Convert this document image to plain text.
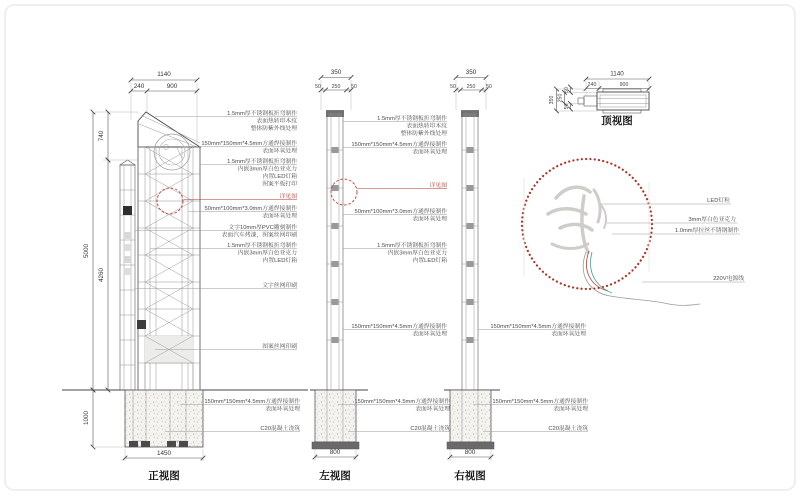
1140
240	900
740
5000
4260
1000
1450
正视图
1.5mm厚不锈钢板折弯制作
表面热转印木纹
整体防紫外线处理
150mm*150mm*4.5mm方通焊接制作
表面环氧处理
1.5mm厚不锈钢板折弯制作
内嵌3mm厚白色亚克力
内置LED灯箱
图案平板打印
详见图
50mm*100mm*3.0mm方通焊接制作
表面环氧处理
文字10mm厚PVC雕刻制作
表面汽车烤漆，图案丝网印刷
1.5mm厚不锈钢板折弯制作
内嵌3mm厚白色亚克力
内置LED灯箱
文字丝网印刷
图案丝网印刷
150mm*150mm*4.5mm方通焊接制作
表面环氧处理
C20混凝土浇筑
350
50 250 50
800
左视图
1.5mm厚不锈钢板折弯制作
表面热转印木纹
整体防紫外线处理
150mm*150mm*4.5mm方通焊接制作
表面环氧处理
详见图
50mm*100mm*3.0mm方通焊接制作
表面环氧处理
1.5mm厚不锈钢板折弯制作
内嵌3mm厚白色亚克力
内置LED灯箱
150mm*150mm*4.5mm方通焊接制作
表面环氧处理
150mm*150mm*4.5mm方通焊接制作
表面环氧处理
C20混凝土浇筑
350
50 250 50
800
右视图
150mm*150mm*4.5mm方通焊接制作
表面环氧处理
150mm*150mm*4.5mm方通焊接制作
表面环氧处理
C20混凝土浇筑
1140
240	900
350 250
50
50
顶视图
LED灯粒
3mm厚白色亚克力
1.0mm厚拉丝不锈钢制作
220V电源线
